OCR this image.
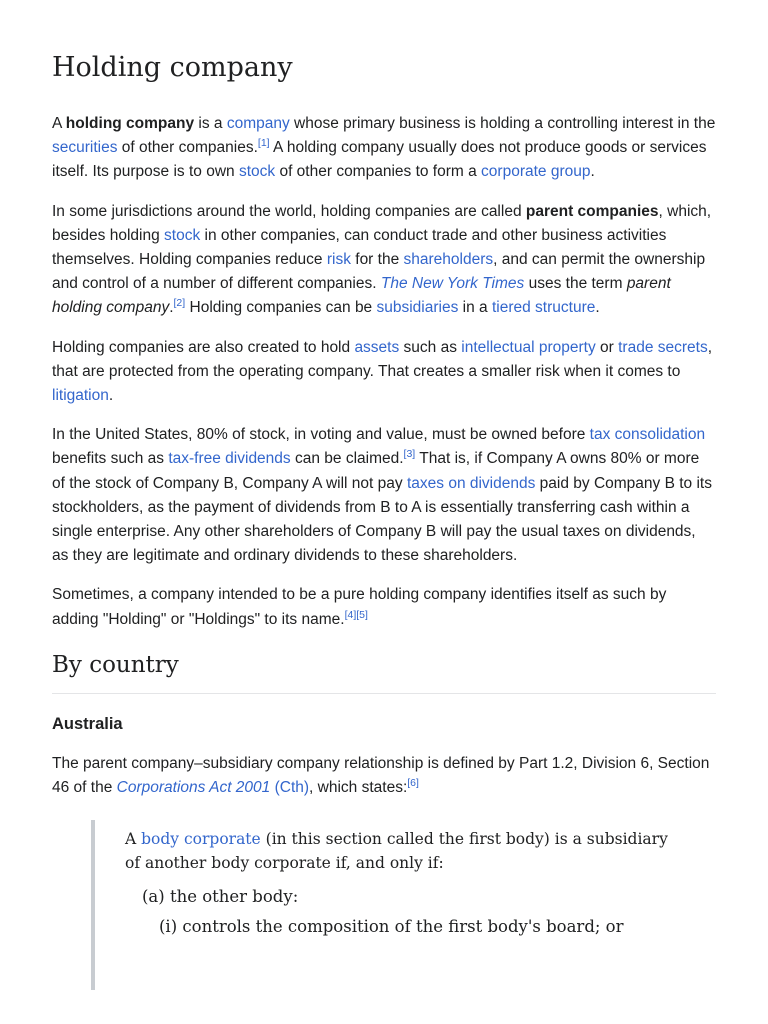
Holding company

A holding company is a company whose primary business is holding a controlling interest in the securities of other companies.[1] A holding company usually does not produce goods or services itself. Its purpose is to own stock of other companies to form a corporate group.

In some jurisdictions around the world, holding companies are called parent companies, which, besides holding stock in other companies, can conduct trade and other business activities themselves. Holding companies reduce risk for the shareholders, and can permit the ownership and control of a number of different companies. The New York Times uses the term parent holding company.[2] Holding companies can be subsidiaries in a tiered structure.

Holding companies are also created to hold assets such as intellectual property or trade secrets, that are protected from the operating company. That creates a smaller risk when it comes to litigation.

In the United States, 80% of stock, in voting and value, must be owned before tax consolidation benefits such as tax-free dividends can be claimed.[3] That is, if Company A owns 80% or more of the stock of Company B, Company A will not pay taxes on dividends paid by Company B to its stockholders, as the payment of dividends from B to A is essentially transferring cash within a single enterprise. Any other shareholders of Company B will pay the usual taxes on dividends, as they are legitimate and ordinary dividends to these shareholders.

Sometimes, a company intended to be a pure holding company identifies itself as such by adding "Holding" or "Holdings" to its name.[4][5]

By country
Australia

The parent company–subsidiary company relationship is defined by Part 1.2, Division 6, Section 46 of the Corporations Act 2001 (Cth), which states:[6]

A body corporate (in this section called the first body) is a subsidiary of another body corporate if, and only if:
(a) the other body:
(i) controls the composition of the first body's board; or
